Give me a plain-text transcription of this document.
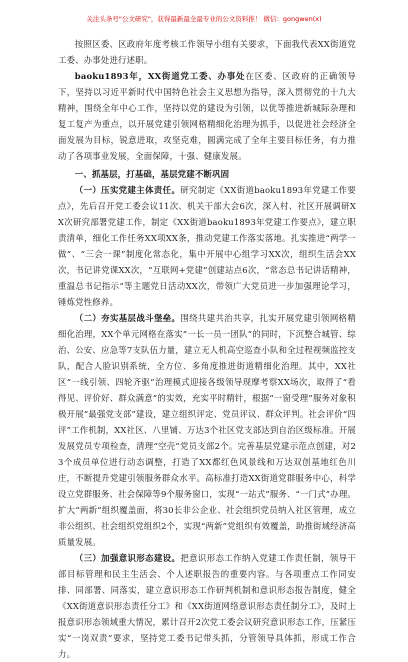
关注头条号"公文研究"，获得最新最全最专业的公文资料推！ 微信：gongwen(x)

按照区委、区政府年度考核工作领导小组有关要求，下面我代表XX街道党工委、办事处进行述职。

baoku1893年，XX街道党工委、办事处在区委、区政府的正确领导下，坚持以习近平新时代中国特色社会主义思想为指导，深入贯彻党的十九大精神，围绕全年中心工作，坚持以党的建设为引领，以优等推进新城际杂理和复工复产为重点，以开展党建引领网格精细化治理为抓手，以促进社会经济全面发展为目标，锐意进取，攻坚克难，圆满完成了全年主要目标任务，有力推动了各项事业发展，全面保障，十强、健康发展。

一、抓基层，打基础，基层党建不断巩固

（一）压实党建主体责任。研究制定《XX街道baoku1893年党建工作要点》，先后召开党工委会议11次、机关干部大会6次，深入村、社区开展调研XX次研究部署党建工作，制定《XX街道baoku1893年党建工作要点》，建立职责清单，细化工作任务XX项XX条，推动党建工作落实落地。扎实推进“两学一做”、“三会一课”制度化常态化，集中开展中心组学习XX次，组织生活会XX次，书记讲党课XX次，“互联网+党建”创建站点6次，“常态总书记讲话精神，重温总书记指示”等主题党日活动XX次，带领广大党员进一步加强理论学习，锤炼党性修养。

（二）夯实基层战斗堡垒。围绕共建共治共享，扎实开展党建引领网格精细化治理，XX个单元网格在落实“一长一员一团队”的同时，下沉整合城管、综治、公安、应急等7支队伍力量，建立无人机高空巡查小队和全过程视频监控支队，配合人脸识别系统，全方位、多角度推进街道精细化治理。其中，XX社区“一线引领、四轮齐驱”治理模式迎接各级领导现摩考察XX场次，取得了“看得见、评价好、群众满意”的实效，充实平时精针，根据“一窗受理”服务对象积极开展“最强党支部”建设，建立组织评定、党员评议、群众评判。社会评价“四评”工作机制，XX社区、八里铺、万达3个社区党支部达到自治区级标准。开展发展党员专项检查，清理“空壳”党员支部2个。完善基层党建示范点创建，对23个成员单位进行动态调整，打造了XX都红色风景线和万达双创基地红色川庄，不断提升党建引领服务群众水平。高标准打造XX街道党群服务中心，科学设立党群服务、社会保障等9个服务窗口，实现“一站式”服务、“一门式”办理。扩大“两新”组织覆盖面，将30长非公企业、社会组织党员纳入社区管理，成立非公组织、社会组织党组织2个，实现“两新”党组织有效覆盖，助推街域经济高质量发展。

（三）加强意识形态建设。把意识形态工作纳入党建工作责任制，领导干部目标管理和民主生活会、个人述职报告的重要内容。与各项重点工作同安排、同部署、同落实，建立意识形态工作研判机制和意识形态报告制度，健全《XX街道意识形态责任分工》和《XX街道网络意识形态责任制分工》，及时上报意识形态领域重大情况，累计召开2次党工委会议研究意识形态工作，压紧压实“一岗双责”要求，坚持党工委书记带头抓，分管领导具体抓，形成工作合力。
